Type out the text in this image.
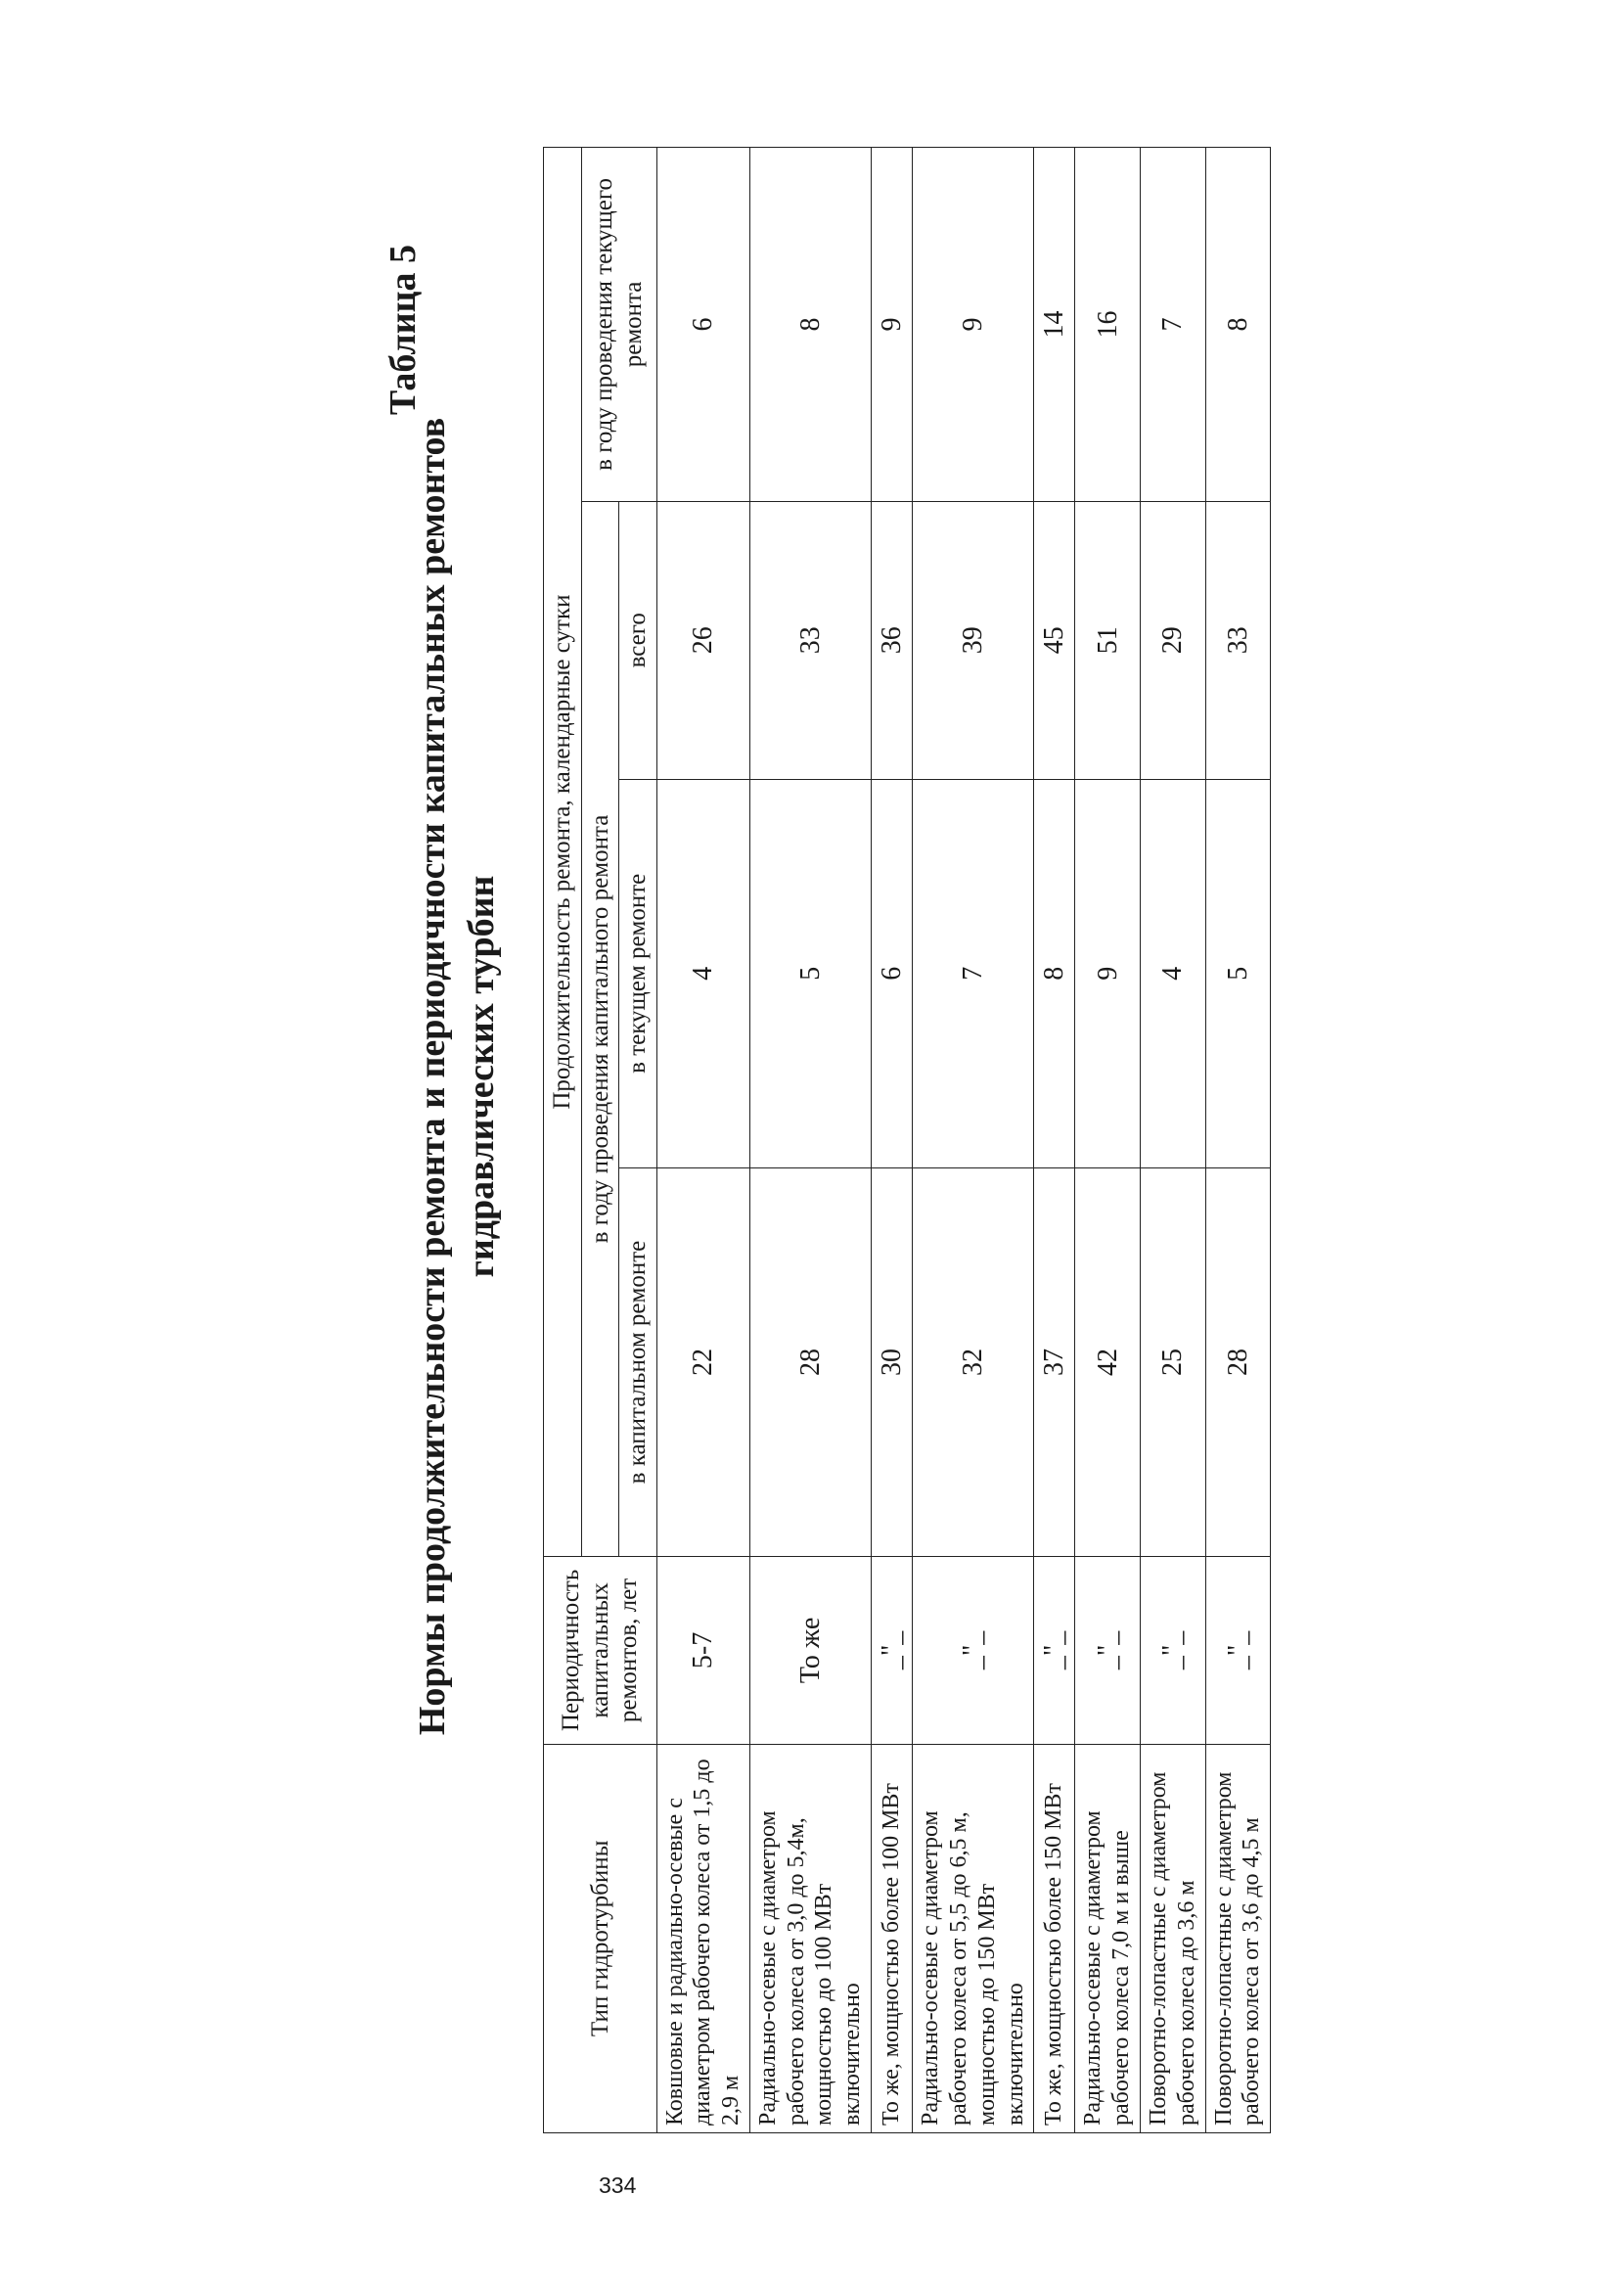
Таблица 5
Нормы продолжительности ремонта и периодичности капитальных ремонтов гидравлических турбин
Тип гидротурбины	Периодичность капитальных ремонтов, лет	Продолжительность ремонта, календарные сутки			
		в году проведения капитального ремонта			в году проведения текущего ремонта
		в капитальном ремонте	в текущем ремонте	всего	
Ковшовые и радиально-осевые с диаметром рабочего колеса от 1,5 до 2,9 м	5-7	22	4	26	6
Радиально-осевые с диаметром рабочего колеса от 3,0 до 5,4м, мощностью до 100 МВт включительно	То же	28	5	33	8
То же, мощностью более 100 МВт	_"_	30	6	36	9
Радиально-осевые с диаметром рабочего колеса от 5,5 до 6,5 м, мощностью до 150 МВт включительно	_"_	32	7	39	9
То же, мощностью более 150 МВт	_"_	37	8	45	14
Радиально-осевые с диаметром рабочего колеса 7,0 м и выше	_"_	42	9	51	16
Поворотно-лопастные с диаметром рабочего колеса до 3,6 м	_"_	25	4	29	7
Поворотно-лопастные с диаметром рабочего колеса от 3,6 до 4,5 м	_"_	28	5	33	8
334
